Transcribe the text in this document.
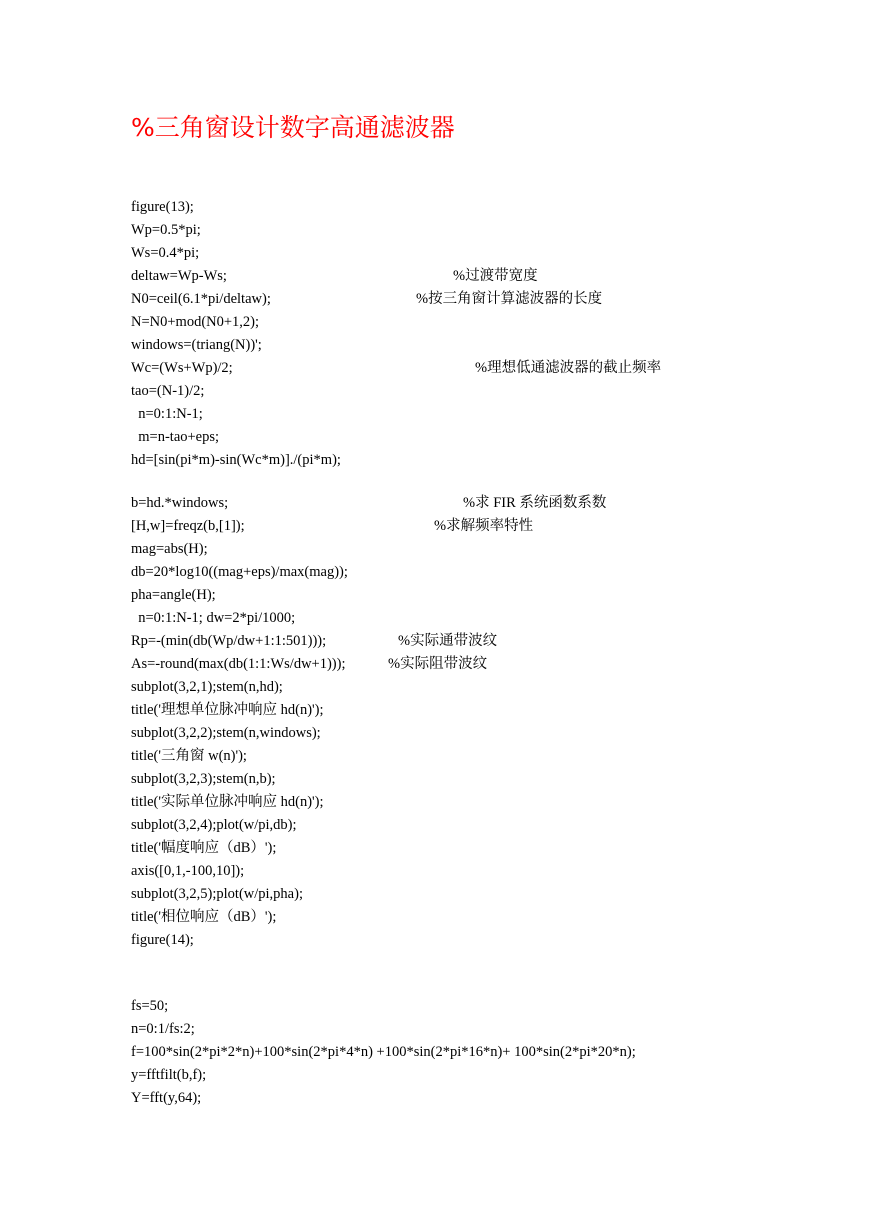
%三角窗设计数字高通滤波器
figure(13);
Wp=0.5*pi;
Ws=0.4*pi;
deltaw=Wp-Ws;	%过渡带宽度
N0=ceil(6.1*pi/deltaw);	%按三角窗计算滤波器的长度
N=N0+mod(N0+1,2);
windows=(triang(N))';
Wc=(Ws+Wp)/2;	%理想低通滤波器的截止频率
tao=(N-1)/2;
n=0:1:N-1;
m=n-tao+eps;
hd=[sin(pi*m)-sin(Wc*m)]./(pi*m);
b=hd.*windows;	%求 FIR 系统函数系数
[H,w]=freqz(b,[1]);	%求解频率特性
mag=abs(H);
db=20*log10((mag+eps)/max(mag));
pha=angle(H);
n=0:1:N-1; dw=2*pi/1000;
Rp=-(min(db(Wp/dw+1:1:501)));	%实际通带波纹
As=-round(max(db(1:1:Ws/dw+1)));	%实际阻带波纹
subplot(3,2,1);stem(n,hd);
title('理想单位脉冲响应 hd(n)');
subplot(3,2,2);stem(n,windows);
title('三角窗 w(n)');
subplot(3,2,3);stem(n,b);
title('实际单位脉冲响应 hd(n)');
subplot(3,2,4);plot(w/pi,db);
title('幅度响应（dB）');
axis([0,1,-100,10]);
subplot(3,2,5);plot(w/pi,pha);
title('相位响应（dB）');
figure(14);
fs=50;
n=0:1/fs:2;
f=100*sin(2*pi*2*n)+100*sin(2*pi*4*n) +100*sin(2*pi*16*n)+ 100*sin(2*pi*20*n);
y=fftfilt(b,f);
Y=fft(y,64);
